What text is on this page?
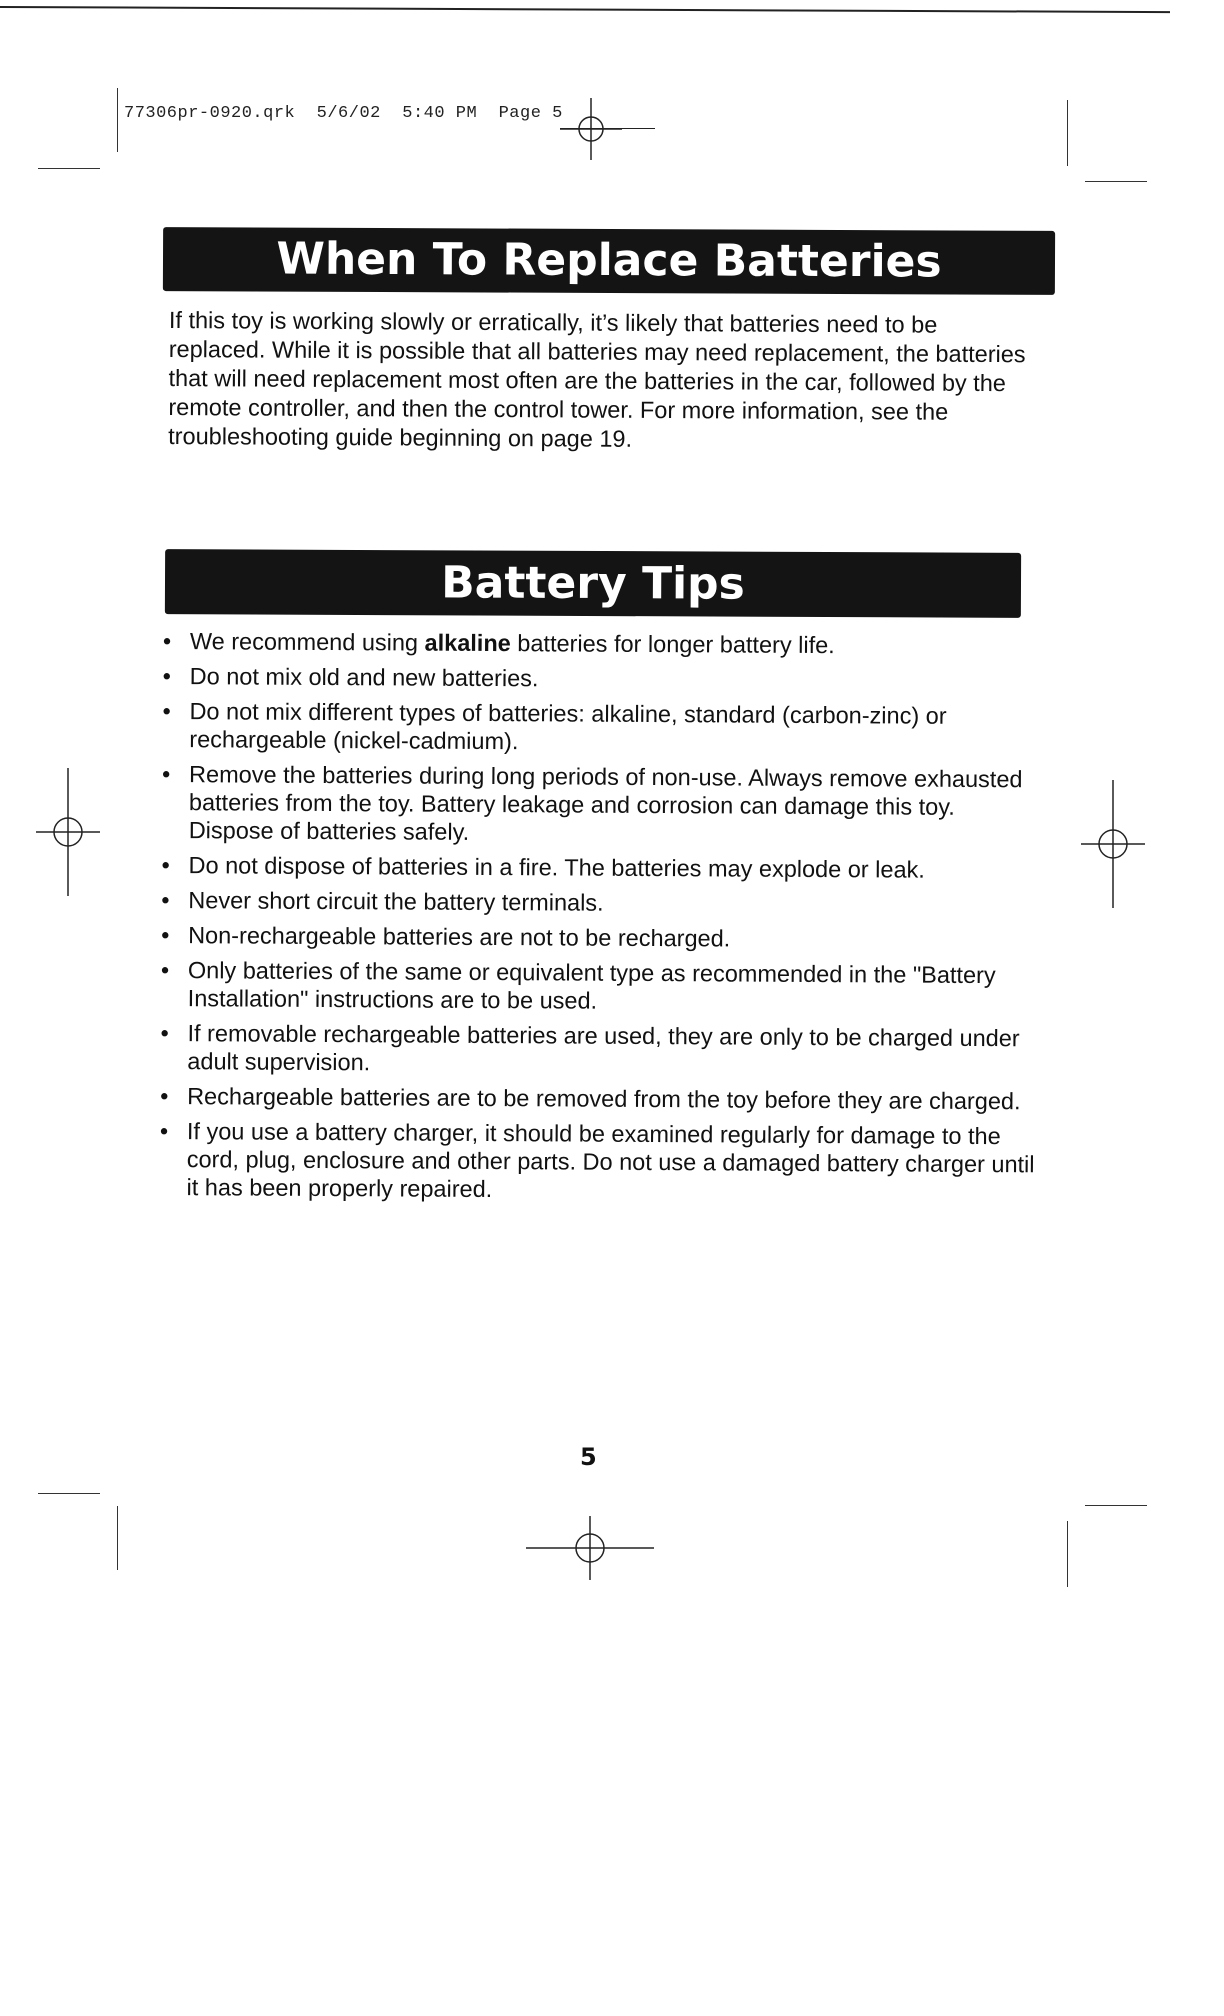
77306pr-0920.qrk 5/6/02 5:40 PM Page 5
When To Replace Batteries

If this toy is working slowly or erratically, it’s likely that batteries need to be replaced. While it is possible that all batteries may need replacement, the batteries that will need replacement most often are the batteries in the car, followed by the remote controller, and then the control tower. For more information, see the troubleshooting guide beginning on page 19.

Battery Tips
• We recommend using alkaline batteries for longer battery life.
• Do not mix old and new batteries.
• Do not mix different types of batteries: alkaline, standard (carbon-zinc) or rechargeable (nickel-cadmium).
• Remove the batteries during long periods of non-use. Always remove exhausted batteries from the toy. Battery leakage and corrosion can damage this toy. Dispose of batteries safely.
• Do not dispose of batteries in a fire. The batteries may explode or leak.
• Never short circuit the battery terminals.
• Non-rechargeable batteries are not to be recharged.
• Only batteries of the same or equivalent type as recommended in the "Battery Installation" instructions are to be used.
• If removable rechargeable batteries are used, they are only to be charged under adult supervision.
• Rechargeable batteries are to be removed from the toy before they are charged.
• If you use a battery charger, it should be examined regularly for damage to the cord, plug, enclosure and other parts. Do not use a damaged battery charger until it has been properly repaired.
5
